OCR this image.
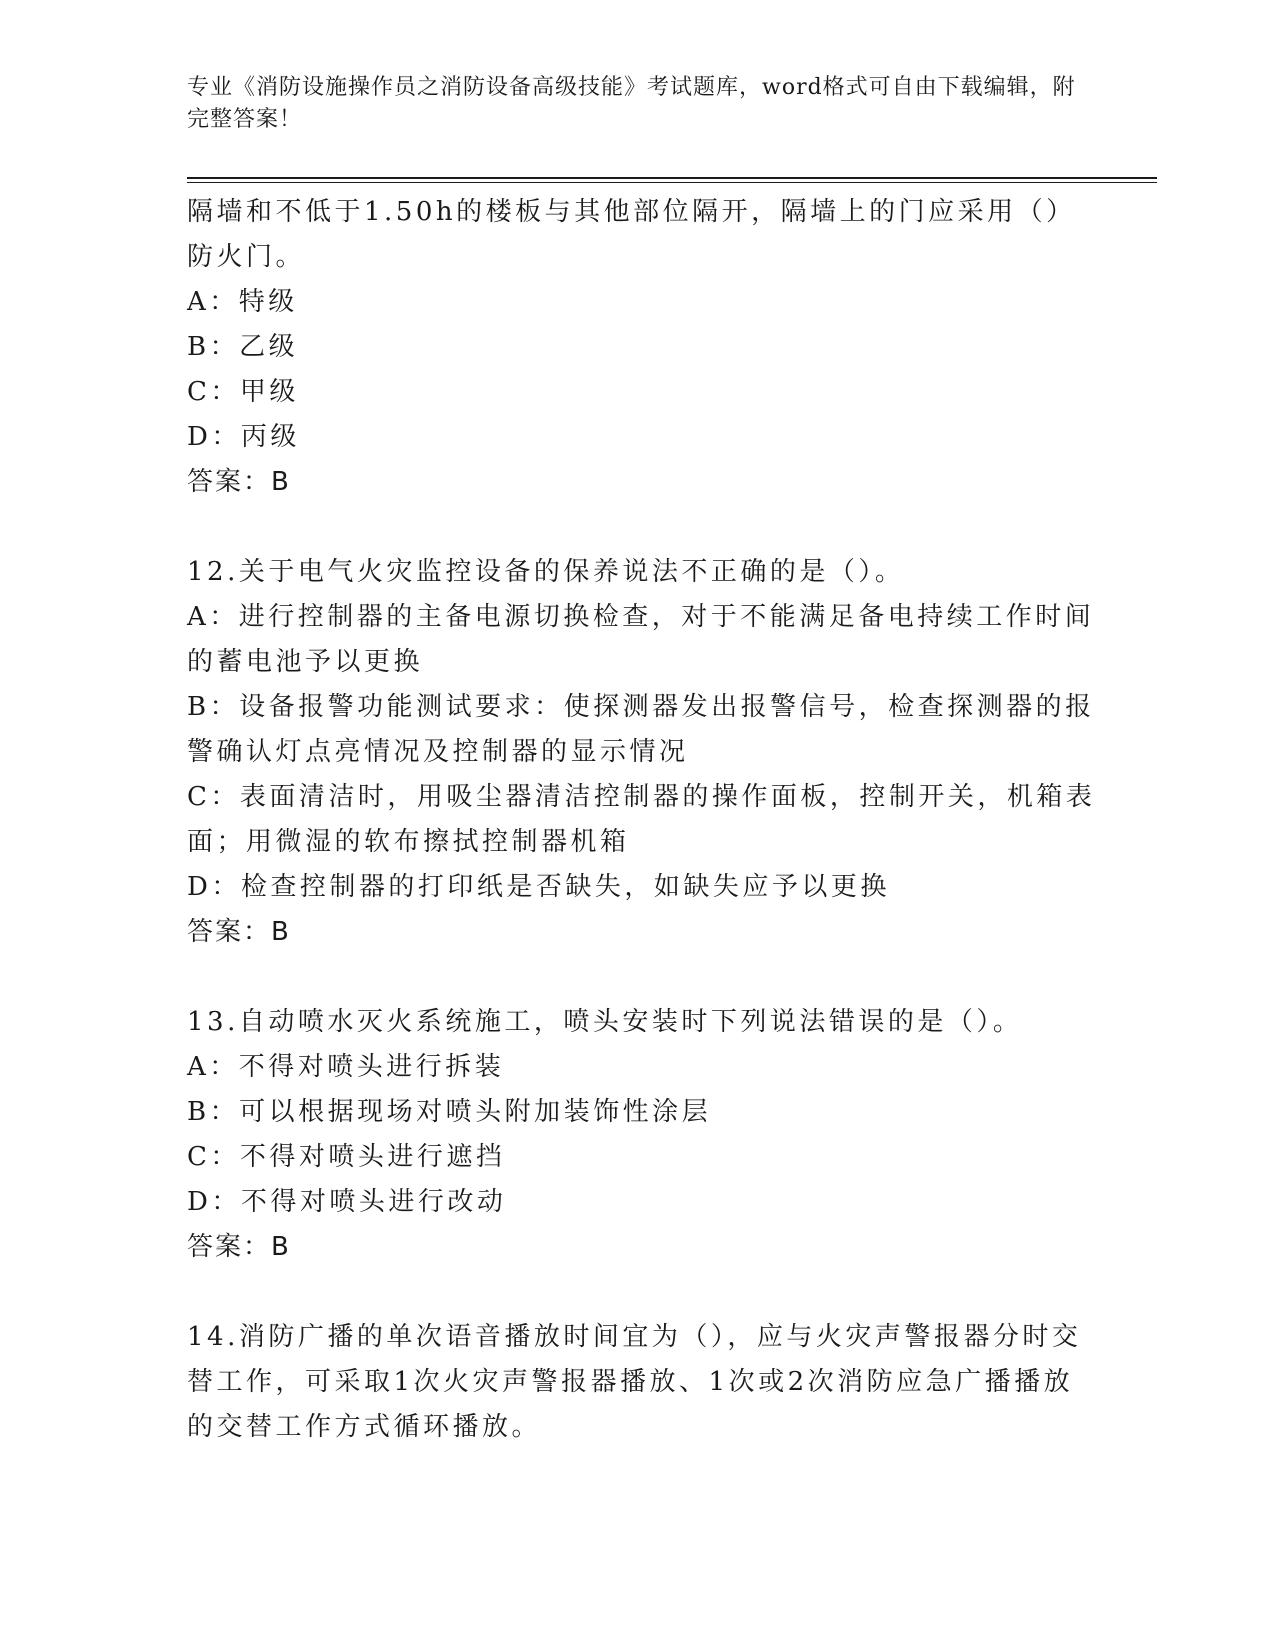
专业《消防设施操作员之消防设备高级技能》考试题库，word格式可自由下载编辑，附完整答案！
隔墙和不低于1.50h的楼板与其他部位隔开，隔墙上的门应采用（）
防火门。
A：特级
B：乙级
C：甲级
D：丙级
答案：B
12.关于电气火灾监控设备的保养说法不正确的是（）。
A：进行控制器的主备电源切换检查，对于不能满足备电持续工作时间
的蓄电池予以更换
B：设备报警功能测试要求：使探测器发出报警信号，检查探测器的报
警确认灯点亮情况及控制器的显示情况
C：表面清洁时，用吸尘器清洁控制器的操作面板，控制开关，机箱表
面；用微湿的软布擦拭控制器机箱
D：检查控制器的打印纸是否缺失，如缺失应予以更换
答案：B
13.自动喷水灭火系统施工，喷头安装时下列说法错误的是（）。
A：不得对喷头进行拆装
B：可以根据现场对喷头附加装饰性涂层
C：不得对喷头进行遮挡
D：不得对喷头进行改动
答案：B
14.消防广播的单次语音播放时间宜为（），应与火灾声警报器分时交
替工作，可采取1次火灾声警报器播放、1次或2次消防应急广播播放
的交替工作方式循环播放。
